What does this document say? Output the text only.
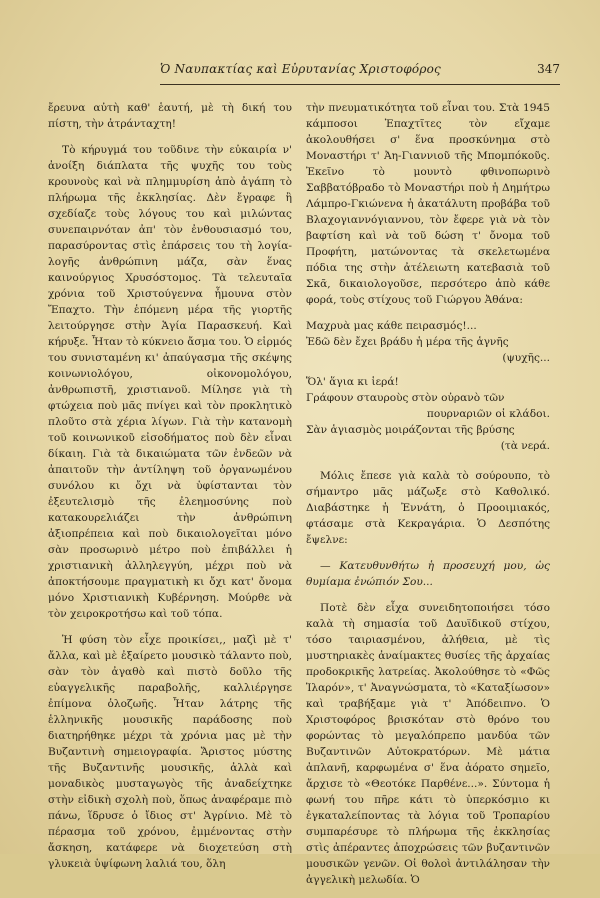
Ὁ Ναυπακτίας καὶ Εὐρυτανίας Χριστοφόρος	347

ἔρευνα αὐτὴ καθ' ἑαυτή, μὲ τὴ δική του πίστη, τὴν ἀτράνταχτη!

Τὸ κήρυγμά του τοῦδινε τὴν εὐκαιρία ν' ἀνοίξη διάπλατα τῆς ψυχῆς του τοὺς κρουνοὺς καὶ νὰ πλημμυρίση ἀπὸ ἀγάπη τὸ πλήρωμα τῆς ἐκκλησίας. Δὲν ἔγραφε ἢ σχεδίαζε τοὺς λόγους του καὶ μιλώντας συνεπαιρνόταν ἀπ' τὸν ἐνθουσιασμό του, παρασύροντας στὶς ἐπάρσεις του τὴ λογία-λογῆς ἀνθρώπινη μάζα, σὰν ἕνας καινούργιος Χρυσόστομος. Τὰ τελευταῖα χρόνια τοῦ Χριστούγεννα ἦμουνα στὸν Ἔπαχτο. Τὴν ἑπόμενη μέρα τῆς γιορτῆς λειτούργησε στὴν Ἁγία Παρασκευή. Καὶ κήρυξε. Ἦταν τὸ κύκνειο ἄσμα του. Ὁ εἱρμός του συνισταμένη κι' ἀπαύγασμα τῆς σκέψης κοινωνιολόγου, οἰκονομολόγου, ἀνθρωπιστῆ, χριστιανοῦ. Μίλησε γιὰ τὴ φτώχεια ποὺ μᾶς πνίγει καὶ τὸν προκλητικὸ πλοῦτο στὰ χέρια λίγων. Γιὰ τὴν κατανομὴ τοῦ κοινωνικοῦ εἰσοδήματος ποὺ δὲν εἶναι δίκαιη. Γιὰ τὰ δικαιώματα τῶν ἐνδεῶν νὰ ἀπαιτοῦν τὴν ἀντίληψη τοῦ ὀργανωμένου συνόλου κι ὄχι νὰ ὑφίστανται τὸν ἐξευτελισμὸ τῆς ἐλεημοσύνης ποὺ κατακουρελιάζει τὴν ἀνθρώπινη ἀξιοπρέπεια καὶ ποὺ δικαιολογεῖται μόνο σὰν προσωρινὸ μέτρο ποὺ ἐπιβάλλει ἡ χριστιανικὴ ἀλληλεγγύη, μέχρι ποὺ νὰ ἀποκτήσουμε πραγματικὴ κι ὄχι κατ' ὄνομα μόνο Χριστιανικὴ Κυβέρνηση. Μούρθε νὰ τὸν χειροκροτήσω καὶ τοῦ τόπα.

Ἡ φύση τὸν εἶχε προικίσει,, μαζὶ μὲ τ' ἄλλα, καὶ μὲ ἐξαίρετο μουσικὸ τάλαντο ποὺ, σὰν τὸν ἀγαθὸ καὶ πιστὸ δοῦλο τῆς εὐαγγελικῆς παραβολῆς, καλλιέργησε ἐπίμονα ὁλοζωῆς. Ἦταν λάτρης τῆς ἑλληνικῆς μουσικῆς παράδοσης ποὺ διατηρήθηκε μέχρι τὰ χρόνια μας μὲ τὴν Βυζαντινὴ σημειογραφία. Ἄριστος μύστης τῆς Βυζαντινῆς μουσικῆς, ἀλλὰ καὶ μοναδικὸς μυσταγωγὸς τῆς ἀναδείχτηκε στὴν εἰδικὴ σχολὴ ποὺ, ὅπως ἀναφέραμε πιὸ πάνω, ἵδρυσε ὁ ἴδιος στ' Ἀγρίνιο. Μὲ τὸ πέρασμα τοῦ χρόνου, ἐμμένοντας στὴν ἄσκηση, κατάφερε νὰ διοχετεύση στὴ γλυκειὰ ὑψίφωνη λαλιά του, ὅλη

τὴν πνευματικότητα τοῦ εἶναι του. Στὰ 1945 κάμποσοι Ἐπαχτῖτες τὸν εἴχαμε ἀκολουθήσει σ' ἕνα προσκύνημα στὸ Μοναστήρι τ' Ἀη-Γιαννιοῦ τῆς Μπομπόκοῦς. Ἐκεῖνο τὸ μουντὸ φθινοπωρινὸ Σαββατόβραδο τὸ Μοναστήρι ποὺ ἡ Δημήτρω Λάμπρο-Γκιώνενα ἡ ἀκατάλυτη προβάβα τοῦ Βλαχογιαννόγιαννου, τὸν ἔφερε γιὰ νὰ τὸν βαφτίση καὶ νὰ τοῦ δώση τ' ὄνομα τοῦ Προφήτη, ματώνοντας τὰ σκελετωμένα πόδια της στὴν ἀτέλειωτη κατεβασιὰ τοῦ Σκᾶ, δικαιολογοῦσε, περσότερο ἀπὸ κάθε φορά, τοὺς στίχους τοῦ Γιώργου Ἀθάνα:

Μαχρυὰ μας κάθε πειρασμός!...
Ἐδῶ δὲν ἔχει βράδυ ἡ μέρα τῆς ἁγνῆς
(ψυχῆς...
Ὅλ' ἅγια κι ἱερά!
Γράφουν σταυροὺς στὸν οὐρανὸ τῶν
πουρναριῶν οἱ κλάδοι.
Σὰν ἁγιασμὸς μοιράζονται τῆς βρύσης
(τὰ νερά.

Μόλις ἔπεσε γιὰ καλὰ τὸ σούρουπο, τὸ σήμαντρο μᾶς μάζωξε στὸ Καθολικό. Διαβάστηκε ἡ Ἐννάτη, ὁ Προοιμιακός, φτάσαμε στὰ Κεκραγάρια. Ὁ Δεσπότης ἔψελνε:

— Κατευθυνθήτω ἡ προσευχή μου, ὡς θυμίαμα ἐνώπιόν Σου...

Ποτὲ δὲν εἶχα συνειδητοποιήσει τόσο καλὰ τὴ σημασία τοῦ Δαυϊδικοῦ στίχου, τόσο ταιριασμένου, ἀλήθεια, μὲ τὶς μυστηριακὲς ἀναίμακτες θυσίες τῆς ἀρχαίας προδοκρικῆς λατρείας. Ἀκολούθησε τὸ «Φῶς Ἱλαρόν», τ' Ἀναγνώσματα, τὸ «Καταξίωσον» καὶ τραβήξαμε γιὰ τ' Ἀπόδειπνο. Ὁ Χριστοφόρος βρισκόταν στὸ θρόνο του φορώντας τὸ μεγαλόπρεπο μανδύα τῶν Βυζαντινῶν Αὐτοκρατόρων. Μὲ μάτια ἀπλανῆ, καρφωμένα σ' ἕνα ἀόρατο σημεῖο, ἄρχισε τὸ «Θεοτόκε Παρθένε...». Σύντομα ἡ φωνή του πῆρε κάτι τὸ ὑπερκόσμιο κι ἐγκαταλείποντας τὰ λόγια τοῦ Τροπαρίου συμπαρέσυρε τὸ πλήρωμα τῆς ἐκκλησίας στὶς ἀπέραντες ἀποχρώσεις τῶν βυζαντινῶν μουσικῶν γενῶν. Οἱ θολοὶ ἀντιλάλησαν τὴν ἀγγελικὴ μελωδία. Ὁ
